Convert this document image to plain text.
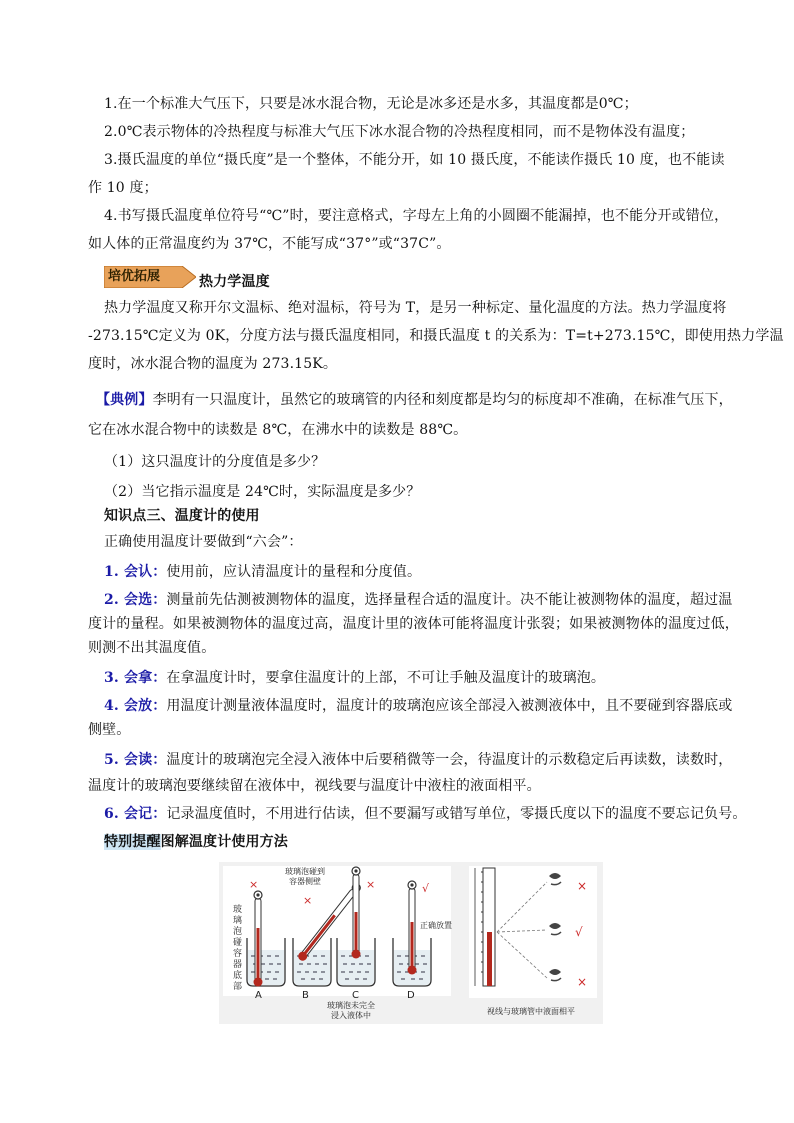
1.在一个标准大气压下，只要是冰水混合物，无论是冰多还是水多，其温度都是0℃；
2.0℃表示物体的冷热程度与标准大气压下冰水混合物的冷热程度相同，而不是物体没有温度；
3.摄氏温度的单位“摄氏度”是一个整体，不能分开，如 10 摄氏度，不能读作摄氏 10 度，也不能读
作 10 度；
4.书写摄氏温度单位符号“℃”时，要注意格式，字母左上角的小圆圈不能漏掉，也不能分开或错位，
如人体的正常温度约为 37℃，不能写成“37°”或“37C”。
培优拓展	热力学温度
热力学温度又称开尔文温标、绝对温标，符号为 T，是另一种标定、量化温度的方法。热力学温度将
-273.15℃定义为 0K，分度方法与摄氏温度相同，和摄氏温度 t 的关系为：T=t+273.15℃，即使用热力学温
度时，冰水混合物的温度为 273.15K。
【典例】李明有一只温度计，虽然它的玻璃管的内径和刻度都是均匀的标度却不准确，在标准气压下，
它在冰水混合物中的读数是 8℃，在沸水中的读数是 88℃。
（1）这只温度计的分度值是多少？
（2）当它指示温度是 24℃时，实际温度是多少？
知识点三、温度计的使用
正确使用温度计要做到“六会”：
1. 会认：使用前，应认清温度计的量程和分度值。
2. 会选：测量前先估测被测物体的温度，选择量程合适的温度计。决不能让被测物体的温度，超过温
度计的量程。如果被测物体的温度过高，温度计里的液体可能将温度计张裂；如果被测物体的温度过低，
则测不出其温度值。
3. 会拿：在拿温度计时，要拿住温度计的上部，不可让手触及温度计的玻璃泡。
4. 会放：用温度计测量液体温度时，温度计的玻璃泡应该全部浸入被测液体中，且不要碰到容器底或
侧壁。
5. 会读：温度计的玻璃泡完全浸入液体中后要稍微等一会，待温度计的示数稳定后再读数，读数时，
温度计的玻璃泡要继续留在液体中，视线要与温度计中液柱的液面相平。
6. 会记：记录温度值时，不用进行估读，但不要漏写或错写单位，零摄氏度以下的温度不要忘记负号。
特别提醒图解温度计使用方法
玻
璃
泡
碰
容
器
底
部
×
×
玻璃泡碰到
容器侧壁	×	√
正确放置
A	B	C	D
玻璃泡未完全
浸入液体中
×
√
×
视线与玻璃管中液面相平
